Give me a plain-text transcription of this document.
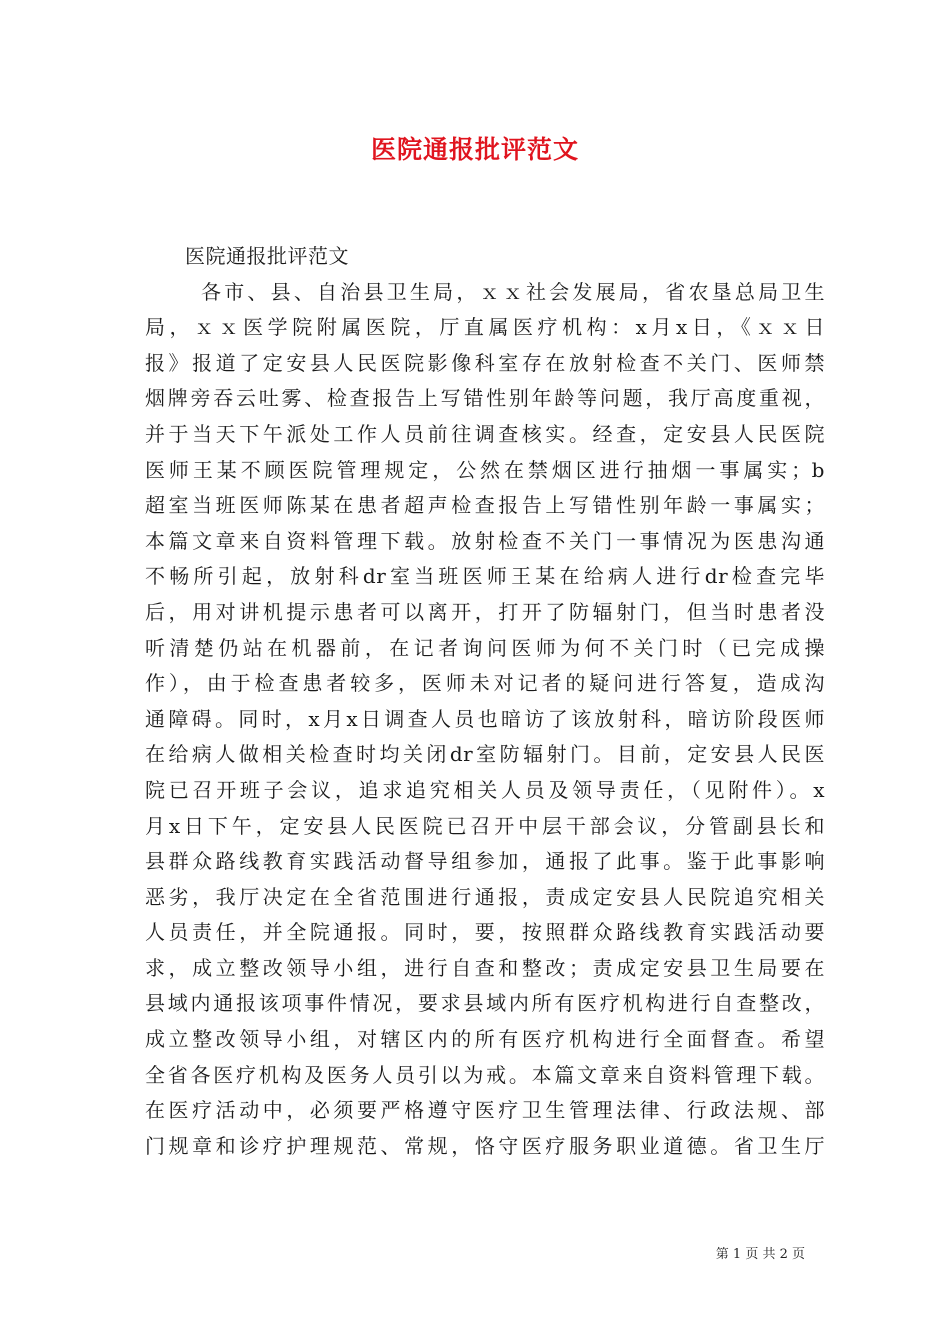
医院通报批评范文
医院通报批评范文
各市、县、自治县卫生局，ｘｘ社会发展局，省农垦总局卫生
局，ｘｘ医学院附属医院，厅直属医疗机构：x月x日，《ｘｘ日
报》报道了定安县人民医院影像科室存在放射检查不关门、医师禁
烟牌旁吞云吐雾、检查报告上写错性别年龄等问题，我厅高度重视，
并于当天下午派处工作人员前往调查核实。经查，定安县人民医院
医师王某不顾医院管理规定，公然在禁烟区进行抽烟一事属实；b
超室当班医师陈某在患者超声检查报告上写错性别年龄一事属实；
本篇文章来自资料管理下载。放射检查不关门一事情况为医患沟通
不畅所引起，放射科dr室当班医师王某在给病人进行dr检查完毕
后，用对讲机提示患者可以离开，打开了防辐射门，但当时患者没
听清楚仍站在机器前，在记者询问医师为何不关门时（已完成操
作），由于检查患者较多，医师未对记者的疑问进行答复，造成沟
通障碍。同时，x月x日调查人员也暗访了该放射科，暗访阶段医师
在给病人做相关检查时均关闭dr室防辐射门。目前，定安县人民医
院已召开班子会议，追求追究相关人员及领导责任，（见附件）。x
月x日下午，定安县人民医院已召开中层干部会议，分管副县长和
县群众路线教育实践活动督导组参加，通报了此事。鉴于此事影响
恶劣，我厅决定在全省范围进行通报，责成定安县人民院追究相关
人员责任，并全院通报。同时，要，按照群众路线教育实践活动要
求，成立整改领导小组，进行自查和整改；责成定安县卫生局要在
县域内通报该项事件情况，要求县域内所有医疗机构进行自查整改，
成立整改领导小组，对辖区内的所有医疗机构进行全面督查。希望
全省各医疗机构及医务人员引以为戒。本篇文章来自资料管理下载。
在医疗活动中，必须要严格遵守医疗卫生管理法律、行政法规、部
门规章和诊疗护理规范、常规，恪守医疗服务职业道德。省卫生厅
第 1 页 共 2 页
